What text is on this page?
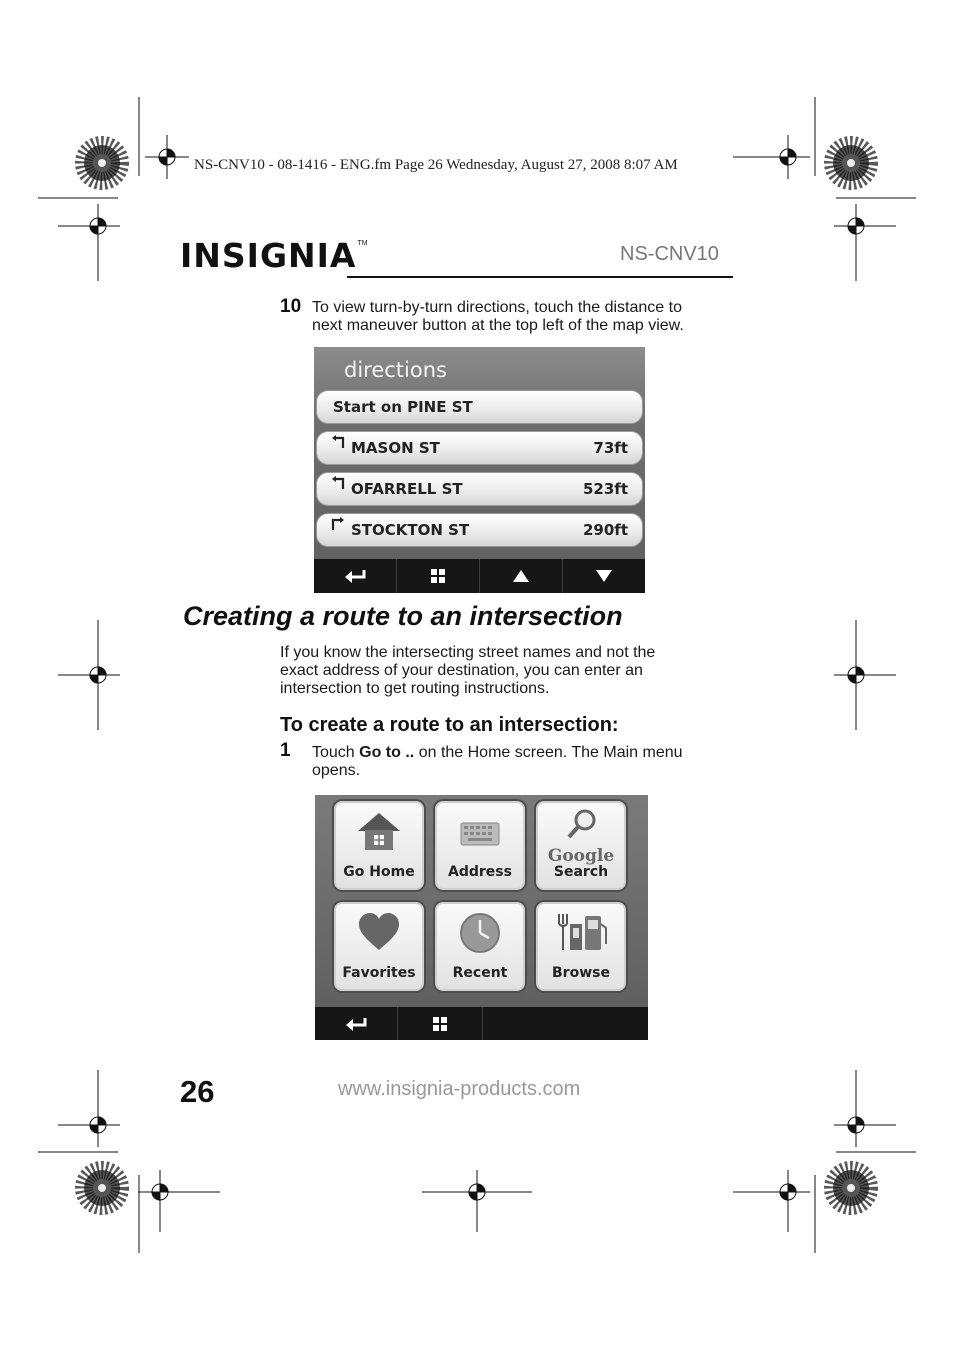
NS-CNV10 - 08-1416 - ENG.fm Page 26 Wednesday, August 27, 2008 8:07 AM
INSIGNIA™	NS-CNV10
10 To view turn-by-turn directions, touch the distance to
next maneuver button at the top left of the map view.
directions
Start on PINE ST
MASON ST	73ft
OFARRELL ST	523ft
STOCKTON ST	290ft
Creating a route to an intersection
If you know the intersecting street names and not the
exact address of your destination, you can enter an
intersection to get routing instructions.
To create a route to an intersection:
1 Touch Go to .. on the Home screen. The Main menu
opens.
Go Home	Address
Google
Search
Favorites	Recent	Browse
26	www.insignia-products.com
